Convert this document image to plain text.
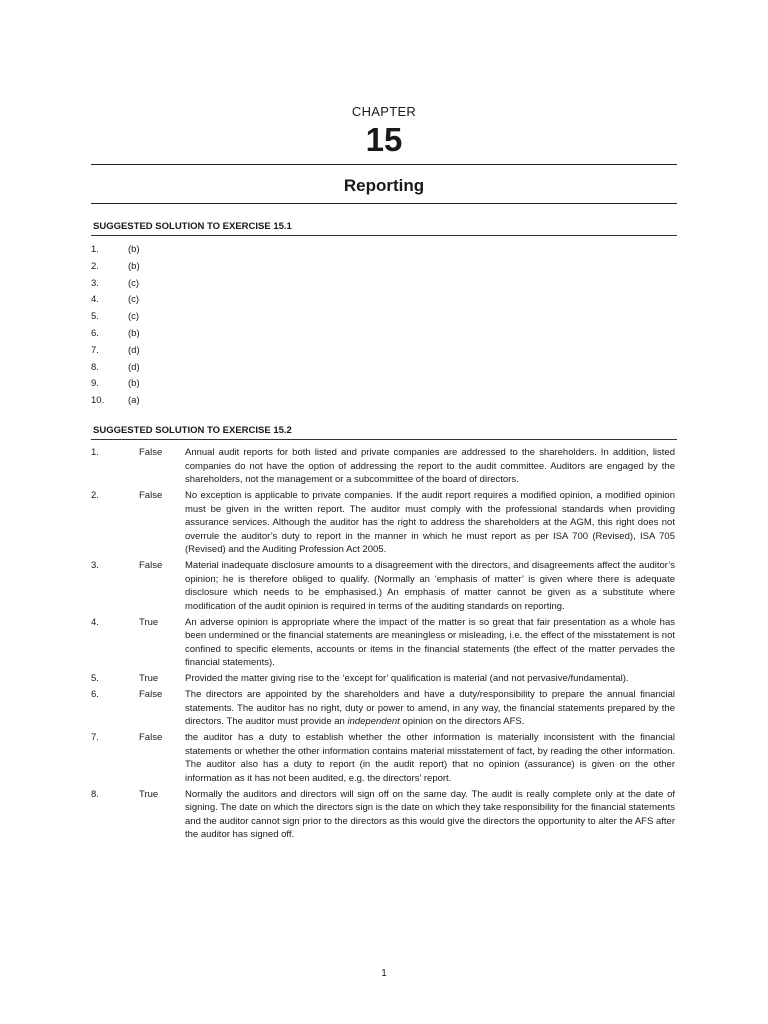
CHAPTER
15
Reporting
SUGGESTED SOLUTION TO EXERCISE 15.1
1.	(b)
2.	(b)
3.	(c)
4.	(c)
5.	(c)
6.	(b)
7.	(d)
8.	(d)
9.	(b)
10.	(a)
SUGGESTED SOLUTION TO EXERCISE 15.2
1.	False	Annual audit reports for both listed and private companies are addressed to the shareholders. In addition, listed companies do not have the option of addressing the report to the audit committee. Auditors are engaged by the shareholders, not the management or a subcommittee of the board of directors.
2.	False	No exception is applicable to private companies. If the audit report requires a modified opinion, a modified opinion must be given in the written report. The auditor must comply with the professional standards when providing assurance services. Although the auditor has the right to address the shareholders at the AGM, this right does not overrule the auditor’s duty to report in the manner in which he must report as per ISA 700 (Revised), ISA 705 (Revised) and the Auditing Profession Act 2005.
3.	False	Material inadequate disclosure amounts to a disagreement with the directors, and disagreements affect the auditor’s opinion; he is therefore obliged to qualify. (Normally an ‘emphasis of matter’ is given where there is adequate disclosure which needs to be emphasised.) An emphasis of matter cannot be given as a substitute where modification of the audit opinion is required in terms of the auditing standards on reporting.
4.	True	An adverse opinion is appropriate where the impact of the matter is so great that fair presentation as a whole has been undermined or the financial statements are meaningless or misleading, i.e. the effect of the misstatement is not confined to specific elements, accounts or items in the financial statements (the effect of the matter pervades the financial statements).
5.	True	Provided the matter giving rise to the ‘except for’ qualification is material (and not pervasive/fundamental).
6.	False	The directors are appointed by the shareholders and have a duty/responsibility to prepare the annual financial statements. The auditor has no right, duty or power to amend, in any way, the financial statements prepared by the directors. The auditor must provide an independent opinion on the directors AFS.
7.	False	the auditor has a duty to establish whether the other information is materially inconsistent with the financial statements or whether the other information contains material misstatement of fact, by reading the other information. The auditor also has a duty to report (in the audit report) that no opinion (assurance) is given on the other information as it has not been audited, e.g. the directors’ report.
8.	True	Normally the auditors and directors will sign off on the same day. The audit is really complete only at the date of signing. The date on which the directors sign is the date on which they take responsibility for the financial statements and the auditor cannot sign prior to the directors as this would give the directors the opportunity to alter the AFS after the auditor has signed off.
1
